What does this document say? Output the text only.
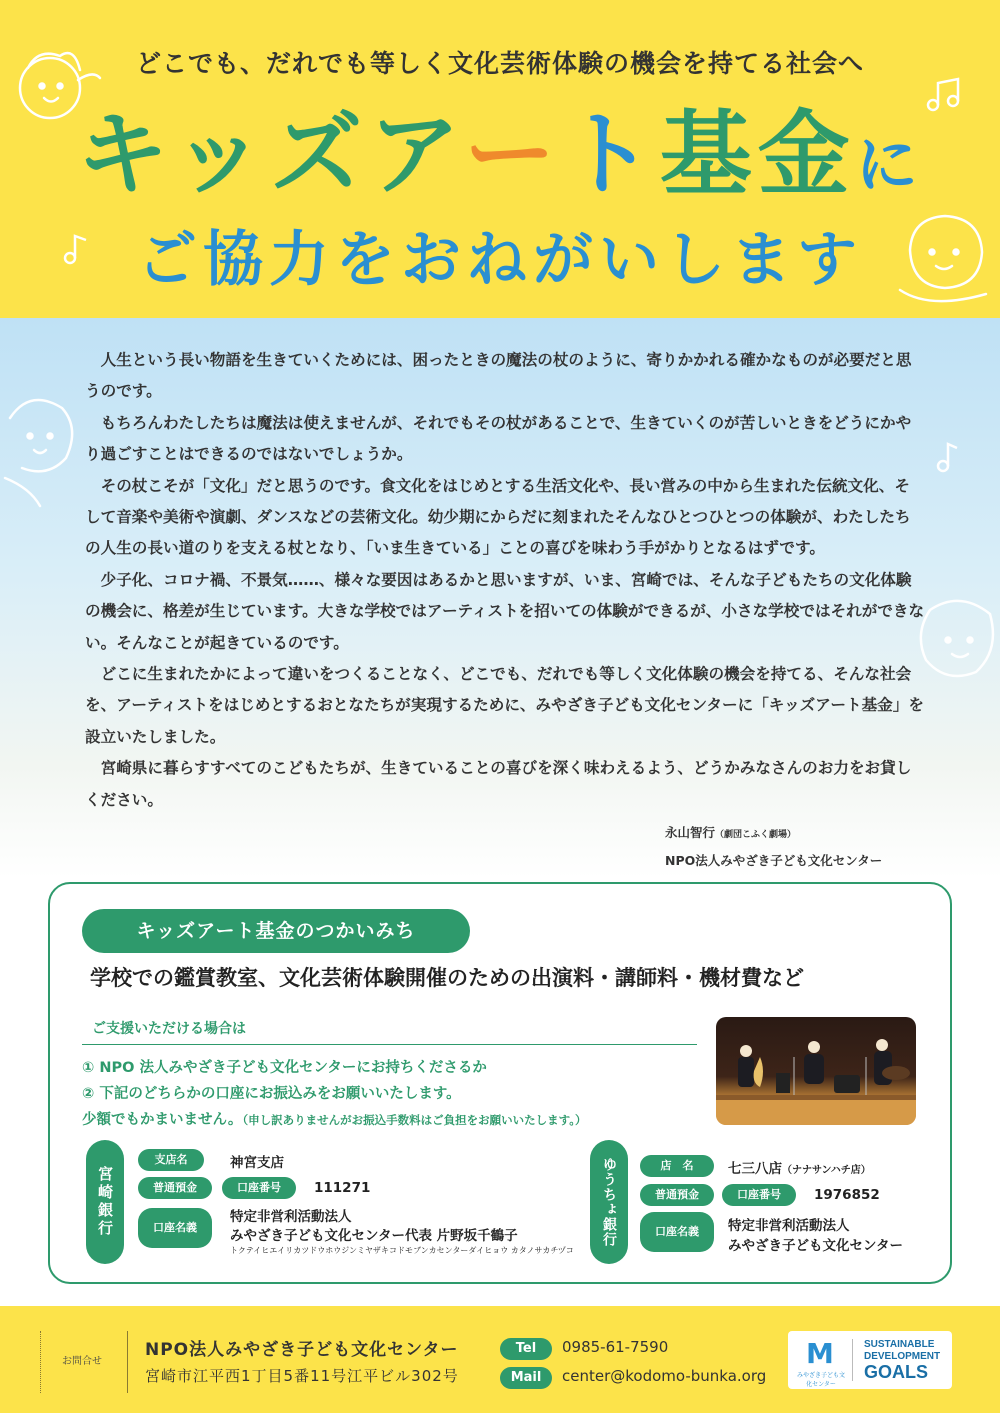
どこでも、だれでも等しく文化芸術体験の機会を持てる社会へ
キッズアート基金に
ご協力をおねがいします

人生という長い物語を生きていくためには、困ったときの魔法の杖のように、寄りかかれる確かなものが必要だと思うのです。

もちろんわたしたちは魔法は使えませんが、それでもその杖があることで、生きていくのが苦しいときをどうにかやり過ごすことはできるのではないでしょうか。

その杖こそが「文化」だと思うのです。食文化をはじめとする生活文化や、長い営みの中から生まれた伝統文化、そして音楽や美術や演劇、ダンスなどの芸術文化。幼少期にからだに刻まれたそんなひとつひとつの体験が、わたしたちの人生の長い道のりを支える杖となり、「いま生きている」ことの喜びを味わう手がかりとなるはずです。

少子化、コロナ禍、不景気……、様々な要因はあるかと思いますが、いま、宮崎では、そんな子どもたちの文化体験の機会に、格差が生じています。大きな学校ではアーティストを招いての体験ができるが、小さな学校ではそれができない。そんなことが起きているのです。

どこに生まれたかによって違いをつくることなく、どこでも、だれでも等しく文化体験の機会を持てる、そんな社会を、アーティストをはじめとするおとなたちが実現するために、みやざき子ども文化センターに「キッズアート基金」を設立いたしました。

宮崎県に暮らすすべてのこどもたちが、生きていることの喜びを深く味わえるよう、どうかみなさんのお力をお貸しください。

永山智行（劇団こふく劇場）
NPO法人みやざき子ども文化センター
キッズアート基金のつかいみち
学校での鑑賞教室、文化芸術体験開催のための出演料・講師料・機材費など
ご支援いただける場合は
① NPO 法人みやざき子ども文化センターにお持ちくださるか
② 下記のどちらかの口座にお振込みをお願いいたします。
少額でもかまいません。（申し訳ありませんがお振込手数料はご負担をお願いいたします。）
宮崎銀行
支店名	神宮支店
普通預金	口座番号	111271
口座名義
特定非営利活動法人
みやざき子ども文化センター代表 片野坂千鶴子
トクテイヒエイリカツドウホウジンミヤザキコドモブンカセンターダイヒョウ カタノサカチヅコ
ゆうちょ銀行	店　名	七三八店（ナナサンハチ店）
普通預金	口座番号	1976852
口座名義	特定非営利活動法人
みやざき子ども文化センター
お問合せ
NPO法人みやざき子ども文化センター
宮崎市江平西1丁目5番11号江平ビル302号
Tel	0985-61-7590
Mail	center@kodomo-bunka.org
M
みやざき子ども文化センター
SUSTAINABLE
DEVELOPMENT
GOALS
